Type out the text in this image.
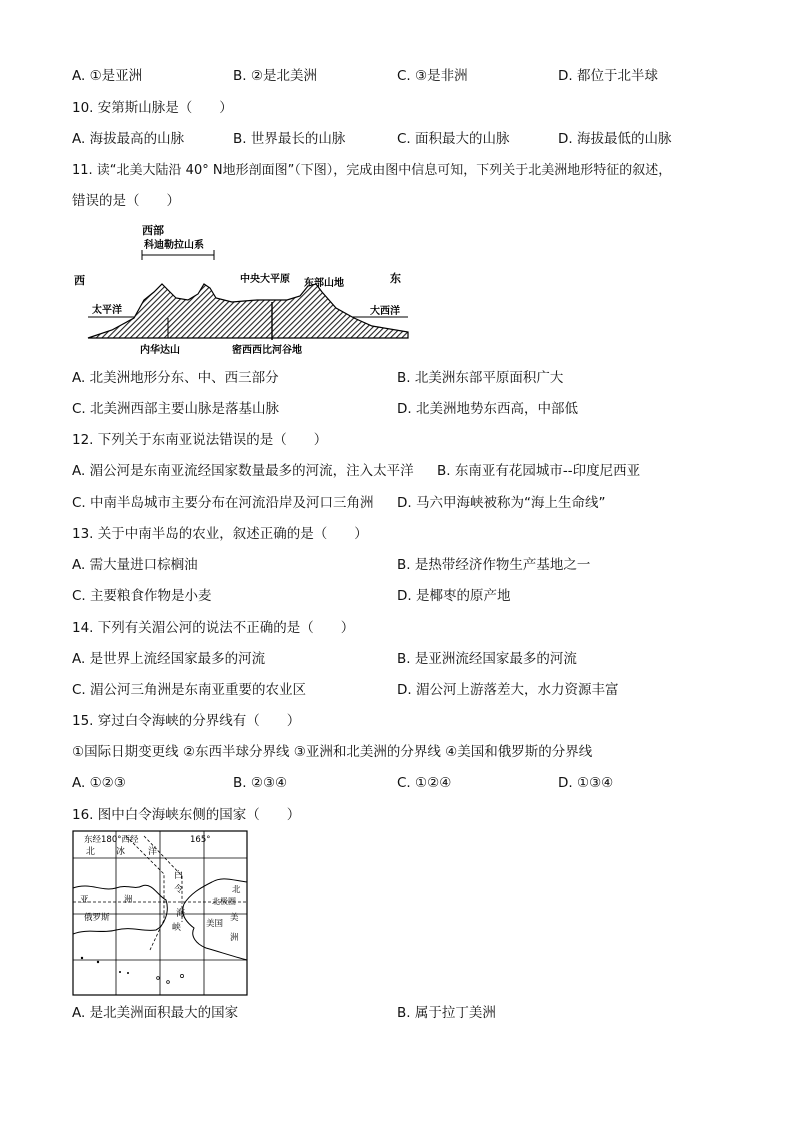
A. ①是亚洲	B. ②是北美洲	C. ③是非洲	D. 都位于北半球
10. 安第斯山脉是（　　）
A. 海拔最高的山脉	B. 世界最长的山脉	C. 面积最大的山脉	D. 海拔最低的山脉
11. 读“北美大陆沿 40° N地形剖面图”（下图），完成由图中信息可知，下列关于北美洲地形特征的叙述，
错误的是（　　）
西部
科迪勒拉山系
西	东
中央大平原 东部山地
太平洋	大西洋
内华达山	密西西比河谷地
A. 北美洲地形分东、中、西三部分	B. 北美洲东部平原面积广大
C. 北美洲西部主要山脉是落基山脉	D. 北美洲地势东西高，中部低
12. 下列关于东南亚说法错误的是（　　）
A. 湄公河是东南亚流经国家数量最多的河流，注入太平洋 B. 东南亚有花园城市--印度尼西亚
C. 中南半岛城市主要分布在河流沿岸及河口三角洲 D. 马六甲海峡被称为“海上生命线”
13. 关于中南半岛的农业，叙述正确的是（　　）
A. 需大量进口棕榈油	B. 是热带经济作物生产基地之一
C. 主要粮食作物是小麦	D. 是椰枣的原产地
14. 下列有关湄公河的说法不正确的是（　　）
A. 是世界上流经国家最多的河流	B. 是亚洲流经国家最多的河流
C. 湄公河三角洲是东南亚重要的农业区	D. 湄公河上游落差大，水力资源丰富
15. 穿过白令海峡的分界线有（　　）
①国际日期变更线 ②东西半球分界线 ③亚洲和北美洲的分界线 ④美国和俄罗斯的分界线
A. ①②③	B. ②③④	C. ①②④	D. ①③④
16. 图中白令海峡东侧的国家（　　）
东经180°西经	165°
北 冰	洋
白
令
海
峡
亚	洲
俄罗斯
北
北极圈
美
洲
美国
A. 是北美洲面积最大的国家	B. 属于拉丁美洲
